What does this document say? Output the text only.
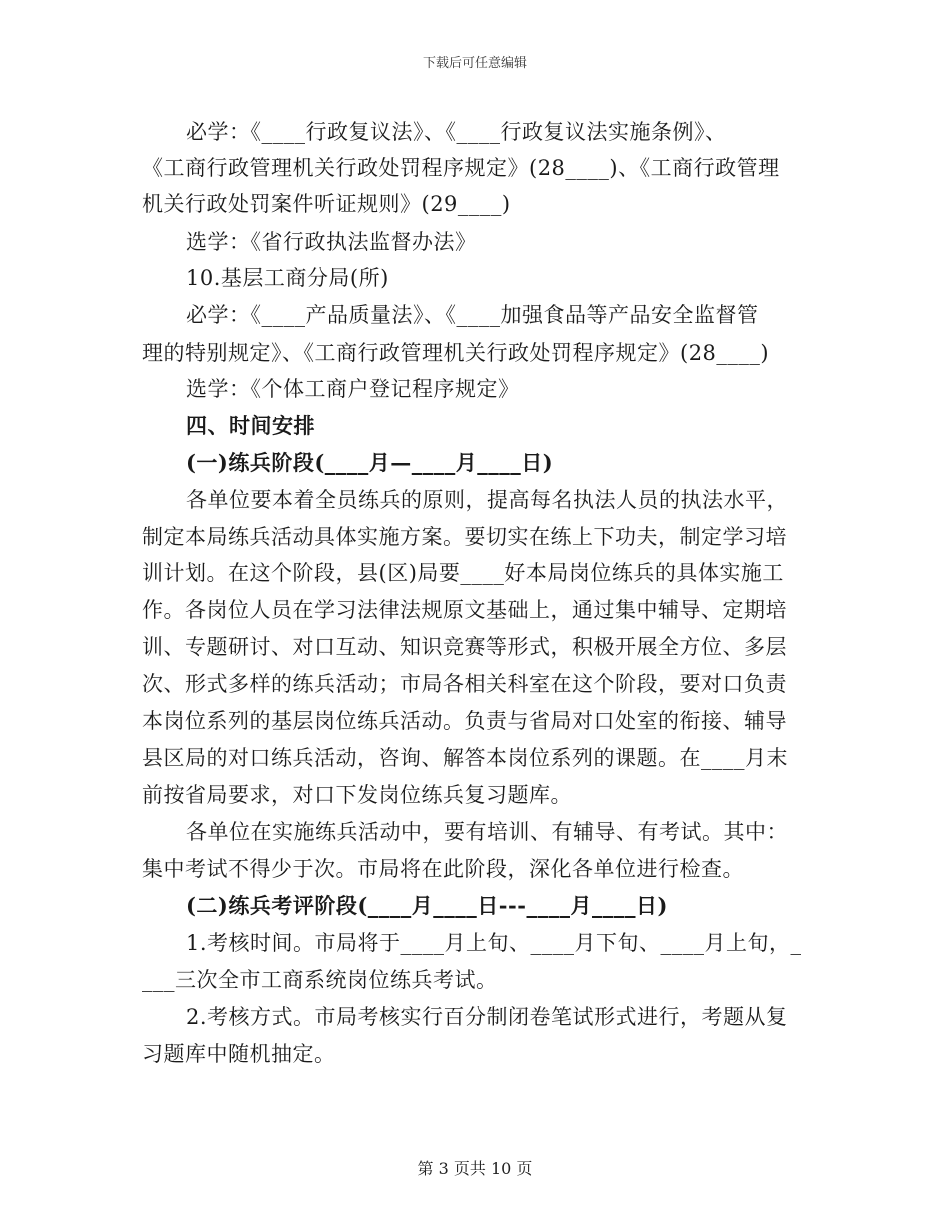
下载后可任意编辑
必学：《____行政复议法》、《____行政复议法实施条例》、
《工商行政管理机关行政处罚程序规定》(28____)、《工商行政管理
机关行政处罚案件听证规则》(29____)
选学：《省行政执法监督办法》
10.基层工商分局(所)
必学：《____产品质量法》、《____加强食品等产品安全监督管
理的特别规定》、《工商行政管理机关行政处罚程序规定》(28____)
选学：《个体工商户登记程序规定》
四、时间安排
(一)练兵阶段(____月—____月____日)
各单位要本着全员练兵的原则，提高每名执法人员的执法水平，
制定本局练兵活动具体实施方案。要切实在练上下功夫，制定学习培
训计划。在这个阶段，县(区)局要____好本局岗位练兵的具体实施工
作。各岗位人员在学习法律法规原文基础上，通过集中辅导、定期培
训、专题研讨、对口互动、知识竞赛等形式，积极开展全方位、多层
次、形式多样的练兵活动；市局各相关科室在这个阶段，要对口负责
本岗位系列的基层岗位练兵活动。负责与省局对口处室的衔接、辅导
县区局的对口练兵活动，咨询、解答本岗位系列的课题。在____月末
前按省局要求，对口下发岗位练兵复习题库。
各单位在实施练兵活动中，要有培训、有辅导、有考试。其中：
集中考试不得少于次。市局将在此阶段，深化各单位进行检查。
(二)练兵考评阶段(____月____日---____月____日)
1.考核时间。市局将于____月上旬、____月下旬、____月上旬，_
___三次全市工商系统岗位练兵考试。
2.考核方式。市局考核实行百分制闭卷笔试形式进行，考题从复
习题库中随机抽定。
第 3 页共 10 页
